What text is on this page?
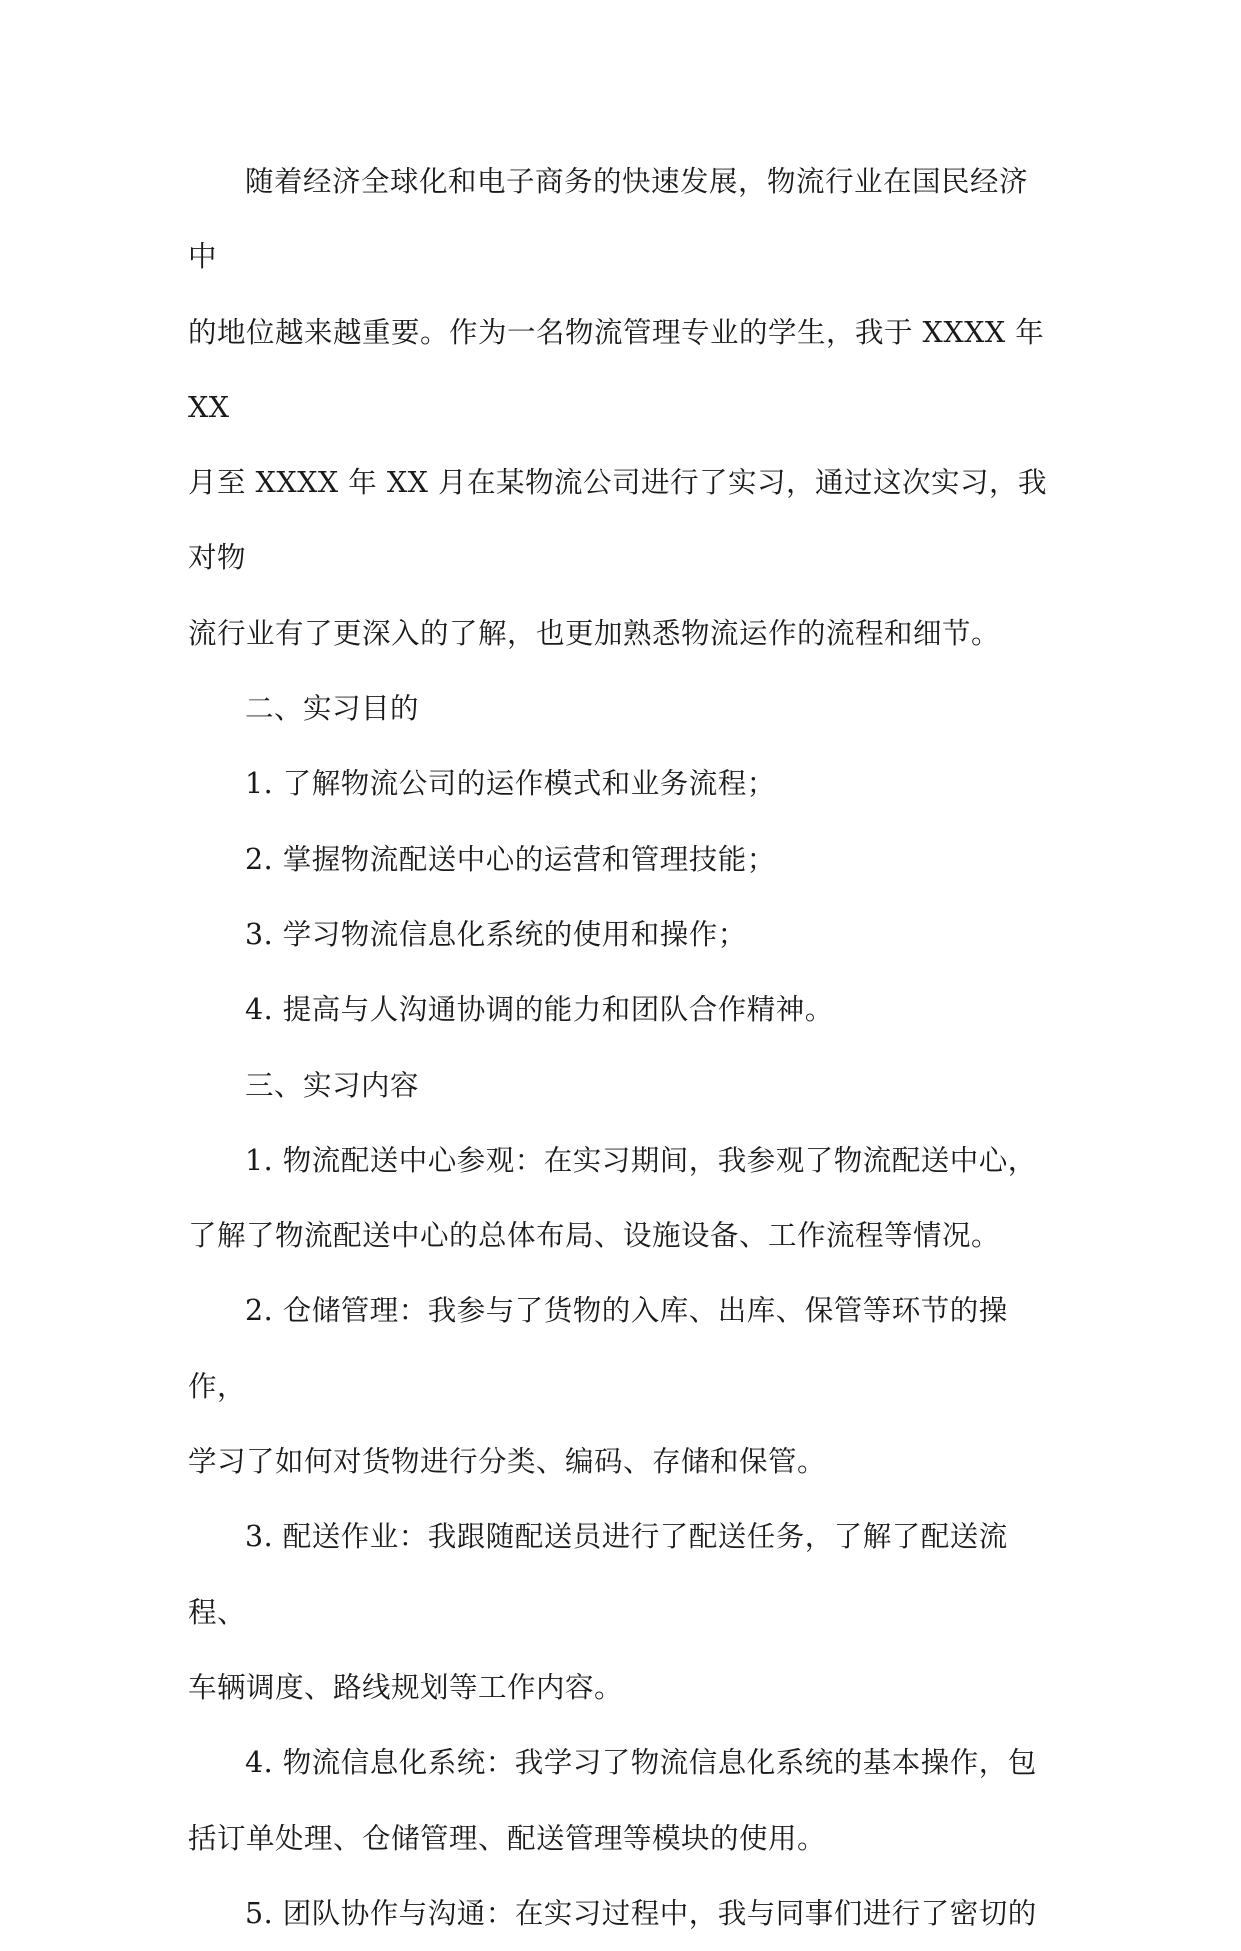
随着经济全球化和电子商务的快速发展，物流行业在国民经济中

的地位越来越重要。作为一名物流管理专业的学生，我于 XXXX 年 XX

月至 XXXX 年 XX 月在某物流公司进行了实习，通过这次实习，我对物

流行业有了更深入的了解，也更加熟悉物流运作的流程和细节。

二、实习目的

1. 了解物流公司的运作模式和业务流程；

2. 掌握物流配送中心的运营和管理技能；

3. 学习物流信息化系统的使用和操作；

4. 提高与人沟通协调的能力和团队合作精神。

三、实习内容

1. 物流配送中心参观：在实习期间，我参观了物流配送中心，

了解了物流配送中心的总体布局、设施设备、工作流程等情况。

2. 仓储管理：我参与了货物的入库、出库、保管等环节的操作，

学习了如何对货物进行分类、编码、存储和保管。

3. 配送作业：我跟随配送员进行了配送任务，了解了配送流程、

车辆调度、路线规划等工作内容。

4. 物流信息化系统：我学习了物流信息化系统的基本操作，包

括订单处理、仓储管理、配送管理等模块的使用。

5. 团队协作与沟通：在实习过程中，我与同事们进行了密切的
